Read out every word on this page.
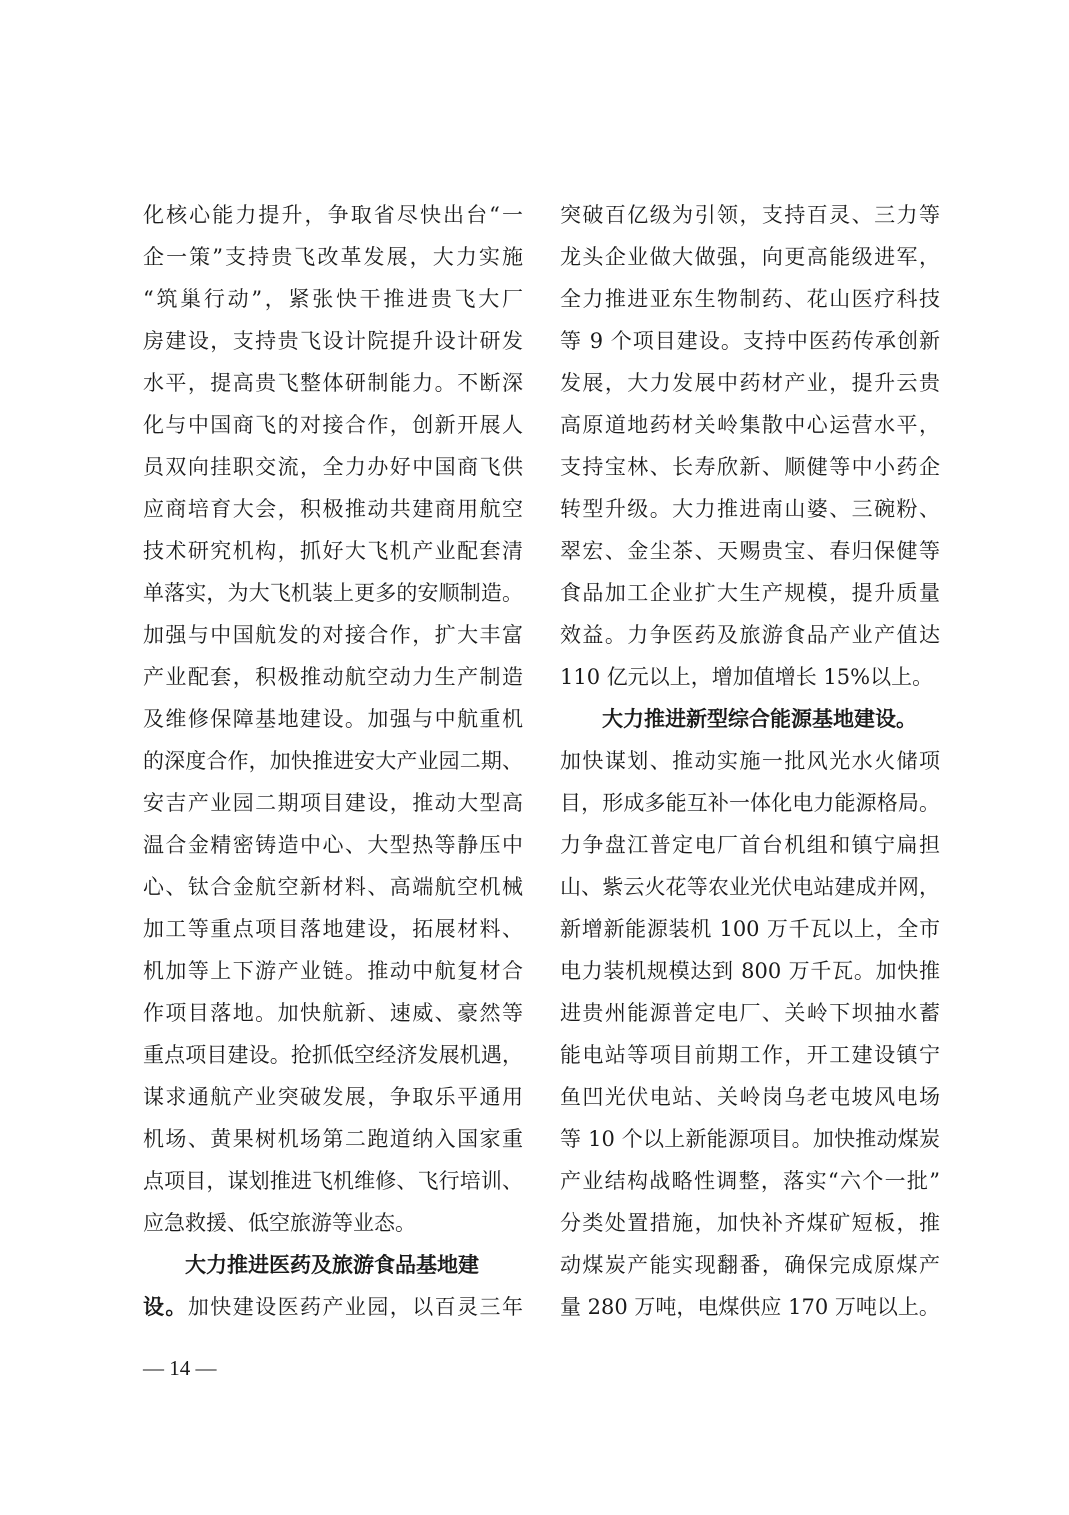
化核心能力提升，争取省尽快出台“一
企一策”支持贵飞改革发展，大力实施
“筑巢行动”，紧张快干推进贵飞大厂
房建设，支持贵飞设计院提升设计研发
水平，提高贵飞整体研制能力。不断深
化与中国商飞的对接合作，创新开展人
员双向挂职交流，全力办好中国商飞供
应商培育大会，积极推动共建商用航空
技术研究机构，抓好大飞机产业配套清
单落实，为大飞机装上更多的安顺制造。
加强与中国航发的对接合作，扩大丰富
产业配套，积极推动航空动力生产制造
及维修保障基地建设。加强与中航重机
的深度合作，加快推进安大产业园二期、
安吉产业园二期项目建设，推动大型高
温合金精密铸造中心、大型热等静压中
心、钛合金航空新材料、高端航空机械
加工等重点项目落地建设，拓展材料、
机加等上下游产业链。推动中航复材合
作项目落地。加快航新、速威、豪然等
重点项目建设。抢抓低空经济发展机遇，
谋求通航产业突破发展，争取乐平通用
机场、黄果树机场第二跑道纳入国家重
点项目，谋划推进飞机维修、飞行培训、
应急救援、低空旅游等业态。
大力推进医药及旅游食品基地建
设。加快建设医药产业园，以百灵三年
突破百亿级为引领，支持百灵、三力等
龙头企业做大做强，向更高能级进军，
全力推进亚东生物制药、花山医疗科技
等 9 个项目建设。支持中医药传承创新
发展，大力发展中药材产业，提升云贵
高原道地药材关岭集散中心运营水平，
支持宝林、长寿欣新、顺健等中小药企
转型升级。大力推进南山婆、三碗粉、
翠宏、金尘茶、天赐贵宝、春归保健等
食品加工企业扩大生产规模，提升质量
效益。力争医药及旅游食品产业产值达
110 亿元以上，增加值增长 15%以上。
大力推进新型综合能源基地建设。
加快谋划、推动实施一批风光水火储项
目，形成多能互补一体化电力能源格局。
力争盘江普定电厂首台机组和镇宁扁担
山、紫云火花等农业光伏电站建成并网，
新增新能源装机 100 万千瓦以上，全市
电力装机规模达到 800 万千瓦。加快推
进贵州能源普定电厂、关岭下坝抽水蓄
能电站等项目前期工作，开工建设镇宁
鱼凹光伏电站、关岭岗乌老屯坡风电场
等 10 个以上新能源项目。加快推动煤炭
产业结构战略性调整，落实“六个一批”
分类处置措施，加快补齐煤矿短板，推
动煤炭产能实现翻番，确保完成原煤产
量 280 万吨，电煤供应 170 万吨以上。
— 14 —
